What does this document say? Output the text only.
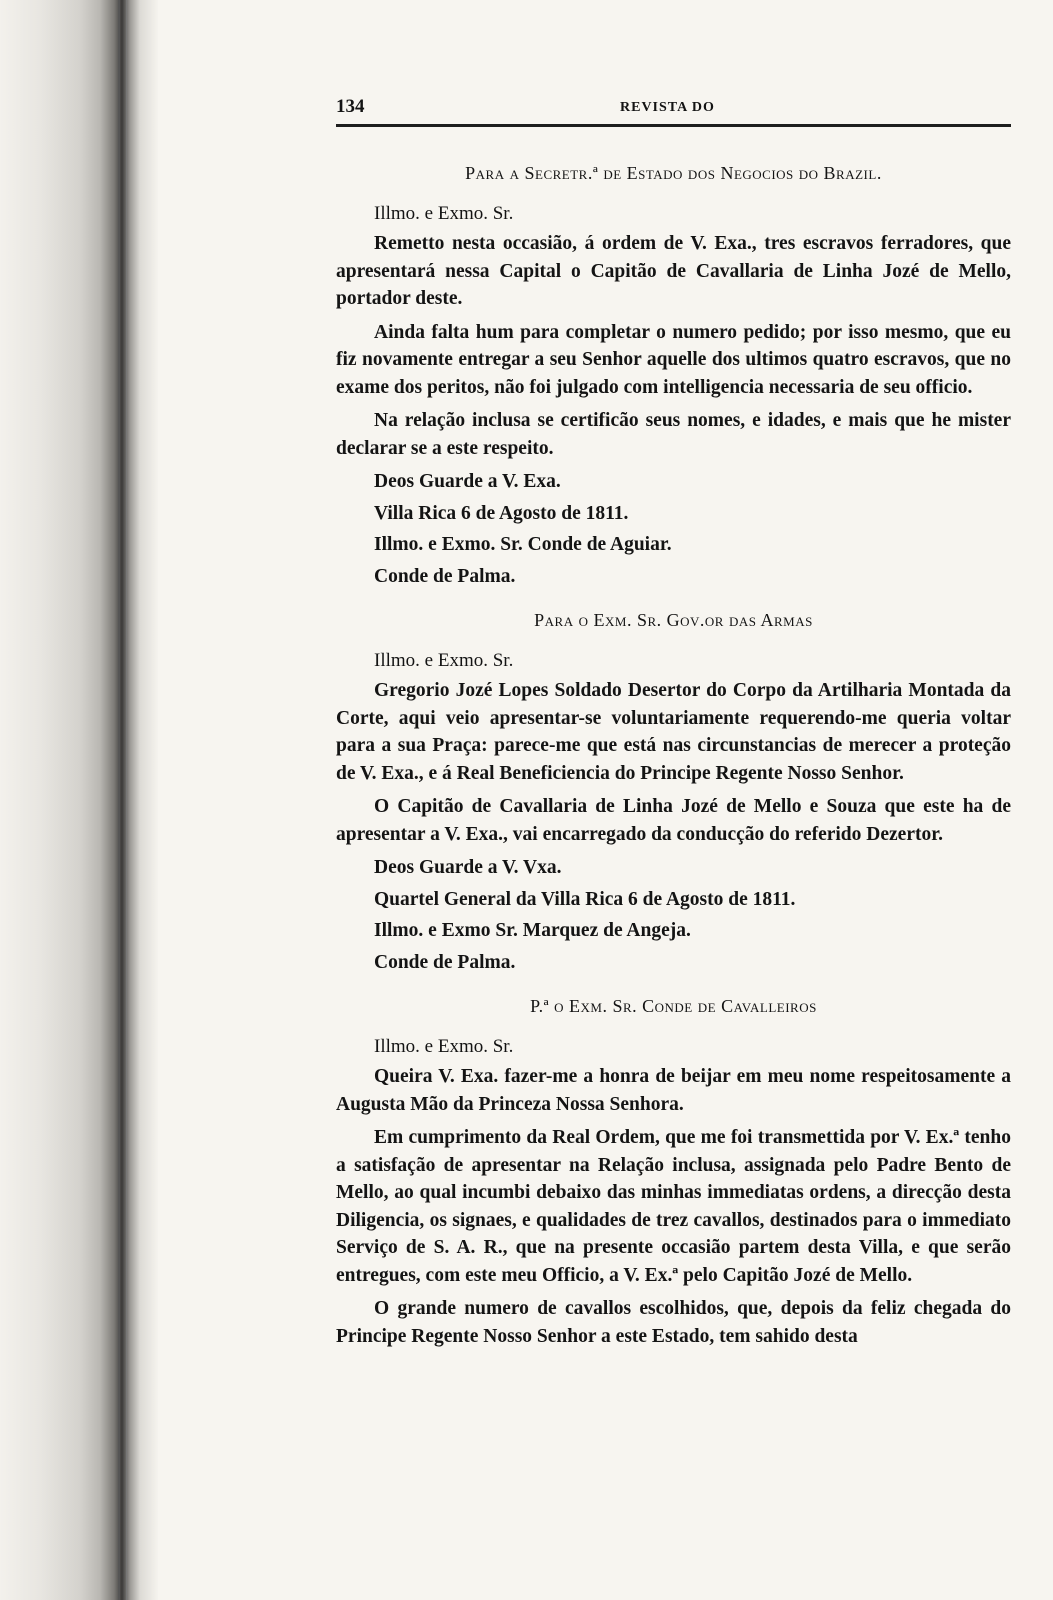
134	REVISTA DO
Para a Secretr.ª de Estado dos Negocios do Brazil.
Illmo. e Exmo. Sr.

Remetto nesta occasião, á ordem de V. Exa., tres escravos ferradores, que apresentará nessa Capital o Capitão de Cavallaria de Linha Jozé de Mello, portador deste.

Ainda falta hum para completar o numero pedido; por isso mesmo, que eu fiz novamente entregar a seu Senhor aquelle dos ultimos quatro escravos, que no exame dos peritos, não foi julgado com intelligencia necessaria de seu officio.

Na relação inclusa se certificão seus nomes, e idades, e mais que he mister declarar se a este respeito.

Deos Guarde a V. Exa.
Villa Rica 6 de Agosto de 1811.
Illmo. e Exmo. Sr. Conde de Aguiar.
Conde de Palma.
Para o Exm. Sr. Gov.or das Armas
Illmo. e Exmo. Sr.

Gregorio Jozé Lopes Soldado Desertor do Corpo da Artilharia Montada da Corte, aqui veio apresentar-se voluntariamente requerendo-me queria voltar para a sua Praça: parece-me que está nas circunstancias de merecer a proteção de V. Exa., e á Real Beneficiencia do Principe Regente Nosso Senhor.

O Capitão de Cavallaria de Linha Jozé de Mello e Souza que este ha de apresentar a V. Exa., vai encarregado da conducção do referido Dezertor.

Deos Guarde a V. Vxa.
Quartel General da Villa Rica 6 de Agosto de 1811.
Illmo. e Exmo Sr. Marquez de Angeja.
Conde de Palma.
P.ª o Exm. Sr. Conde de Cavalleiros
Illmo. e Exmo. Sr.

Queira V. Exa. fazer-me a honra de beijar em meu nome respeitosamente a Augusta Mão da Princeza Nossa Senhora.

Em cumprimento da Real Ordem, que me foi transmettida por V. Ex.ª tenho a satisfação de apresentar na Relação inclusa, assignada pelo Padre Bento de Mello, ao qual incumbi debaixo das minhas immediatas ordens, a direcção desta Diligencia, os signaes, e qualidades de trez cavallos, destinados para o immediato Serviço de S. A. R., que na presente occasião partem desta Villa, e que serão entregues, com este meu Officio, a V. Ex.ª pelo Capitão Jozé de Mello.

O grande numero de cavallos escolhidos, que, depois da feliz chegada do Principe Regente Nosso Senhor a este Estado, tem sahido desta
